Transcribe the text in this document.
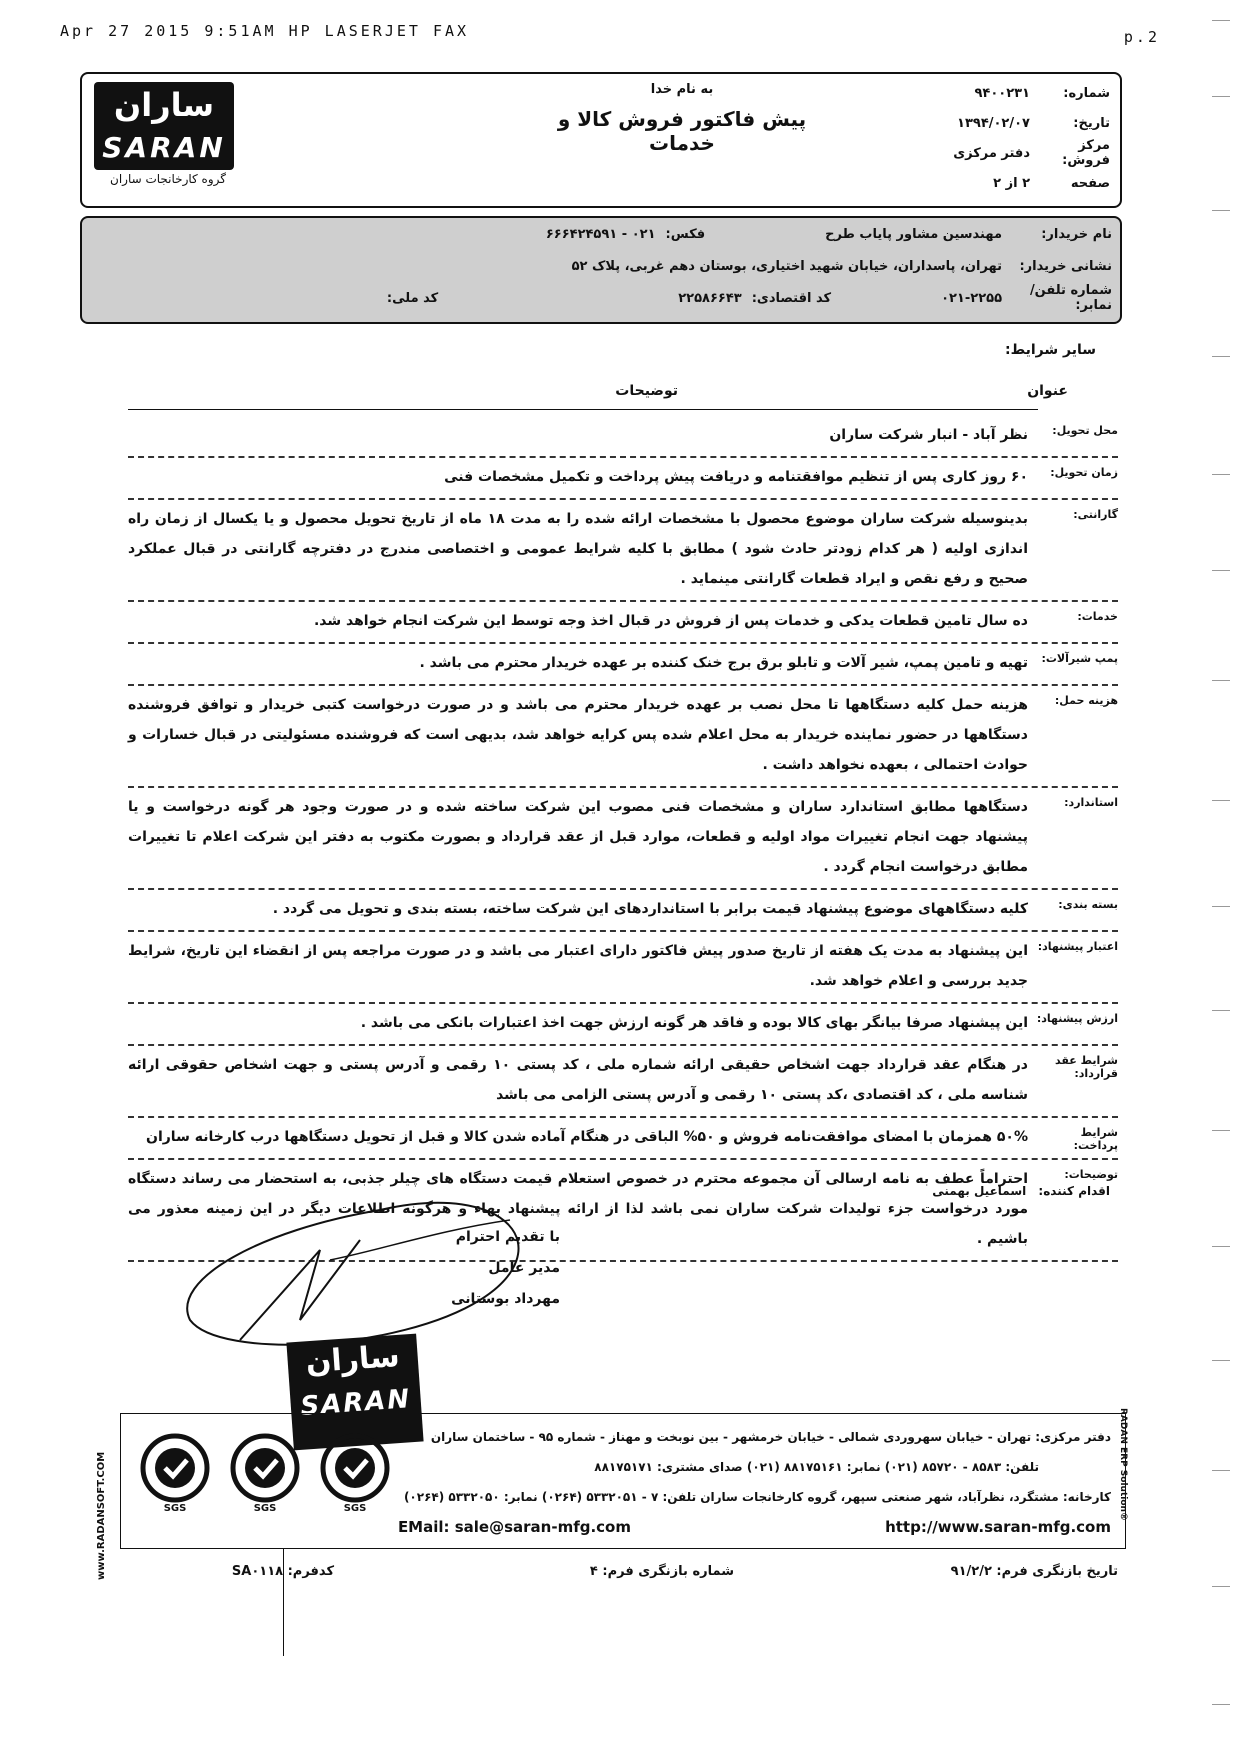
Apr 27 2015 9:51AM HP LASERJET FAX	p.2
ساران
SARAN
گروه کارخانجات ساران
به نام خدا
پیش فاکتور فروش کالا و خدمات
شماره:
۹۴۰۰۲۳۱
تاریخ:
۱۳۹۴/۰۲/۰۷
مرکز فروش:
دفتر مرکزی
صفحه
۲ از ۲
نام خریدار:
مهندسین مشاور پایاب طرح
فکس:
۰۲۱ - ۶۶۶۴۲۴۵۹۱
نشانی خریدار:
تهران، پاسداران، خیابان شهید اختیاری، بوستان دهم غربی، پلاک ۵۲
شماره تلفن/نمابر:
۰۲۱-۲۲۵۵
کد اقتصادی:
۲۲۵۸۶۶۴۳
کد ملی:
سایر شرایط:
عنوان
توضیحات
محل تحویل:
نظر آباد - انبار شرکت ساران
زمان تحویل:
۶۰ روز کاری پس از تنظیم موافقتنامه و دریافت پیش پرداخت و تکمیل مشخصات فنی
گارانتی:
بدینوسیله شرکت ساران موضوع محصول با مشخصات ارائه شده را به مدت ۱۸ ماه از تاریخ تحویل محصول و یا یکسال از زمان راه اندازی اولیه ( هر کدام زودتر حادث شود ) مطابق با کلیه شرایط عمومی و اختصاصی مندرج در دفترچه گارانتی در قبال عملکرد صحیح و رفع نقص و ایراد قطعات گارانتی مینماید .
خدمات:
ده سال تامین قطعات یدکی و خدمات پس از فروش در قبال اخذ وجه توسط این شرکت انجام خواهد شد.
پمپ شیرآلات:
تهیه و تامین پمپ، شیر آلات و تابلو برق برج خنک کننده بر عهده خریدار محترم می باشد .
هزینه حمل:
هزینه حمل کلیه دستگاهها تا محل نصب بر عهده خریدار محترم می باشد و در صورت درخواست کتبی خریدار و توافق فروشنده دستگاهها در حضور نماینده خریدار به محل اعلام شده پس کرایه خواهد شد، بدیهی است که فروشنده مسئولیتی در قبال خسارات و حوادث احتمالی ، بعهده نخواهد داشت .
استاندارد:
دستگاهها مطابق استاندارد ساران و مشخصات فنی مصوب این شرکت ساخته شده و در صورت وجود هر گونه درخواست و یا پیشنهاد جهت انجام تغییرات مواد اولیه و قطعات، موارد قبل از عقد قرارداد و بصورت مکتوب به دفتر این شرکت اعلام تا تغییرات مطابق درخواست انجام گردد .
بسته بندی:
کلیه دستگاههای موضوع پیشنهاد قیمت برابر با استانداردهای این شرکت ساخته، بسته بندی و تحویل می گردد .
اعتبار پیشنهاد:
این پیشنهاد به مدت یک هفته از تاریخ صدور پیش فاکتور دارای اعتبار می باشد و در صورت مراجعه پس از انقضاء این تاریخ، شرایط جدید بررسی و اعلام خواهد شد.
ارزش پیشنهاد:
این پیشنهاد صرفا بیانگر بهای کالا بوده و فاقد هر گونه ارزش جهت اخذ اعتبارات بانکی می باشد .
شرایط عقد قرارداد:
در هنگام عقد قرارداد جهت اشخاص حقیقی ارائه شماره ملی ، کد پستی ۱۰ رقمی و آدرس پستی و جهت اشخاص حقوقی ارائه شناسه ملی ، کد اقتصادی ،کد پستی ۱۰ رقمی و آدرس پستی الزامی می باشد
شرایط پرداخت:
۵۰% همزمان با امضای موافقت‌نامه فروش و ۵۰% الباقی در هنگام آماده شدن کالا و قبل از تحویل دستگاهها درب کارخانه ساران
توضیحات:
احتراماً عطف به نامه ارسالی آن مجموعه محترم در خصوص استعلام قیمت دستگاه های چیلر جذبی، به استحضار می رساند دستگاه مورد درخواست جزء تولیدات شرکت ساران نمی باشد لذا از ارائه پیشنهاد بهاء و هرگونه اطلاعات دیگر در این زمینه معذور می باشیم .
اقدام کننده: اسماعیل بهمنی
با تقدیم احترام
مدیر عامل
مهرداد بوستانی
ساران
SARAN
دفتر مرکزی: تهران - خیابان سهروردی شمالی - خیابان خرمشهر - بین نوبخت و مهناز - شماره ۹۵ - ساختمان ساران
تلفن: ۸۵۸۳ - ۸۵۷۲۰ (۰۲۱) نمابر: ۸۸۱۷۵۱۶۱ (۰۲۱) صدای مشتری: ۸۸۱۷۵۱۷۱
کارخانه: مشتگرد، نظرآباد، شهر صنعتی سپهر، گروه کارخانجات ساران تلفن: ۷ - ۵۳۳۲۰۵۱ (۰۲۶۴) نمابر: ۵۳۳۲۰۵۰ (۰۲۶۴)
http://www.saran-mfg.com
EMail: sale@saran-mfg.com
SGS	SGS	SGS
www.RADANSOFT.COM	RADAN ERP Solution®
تاریخ بازنگری فرم: ۹۱/۲/۲
شماره بازنگری فرم: ۴
کدفرم: SA۰۱۱۸
